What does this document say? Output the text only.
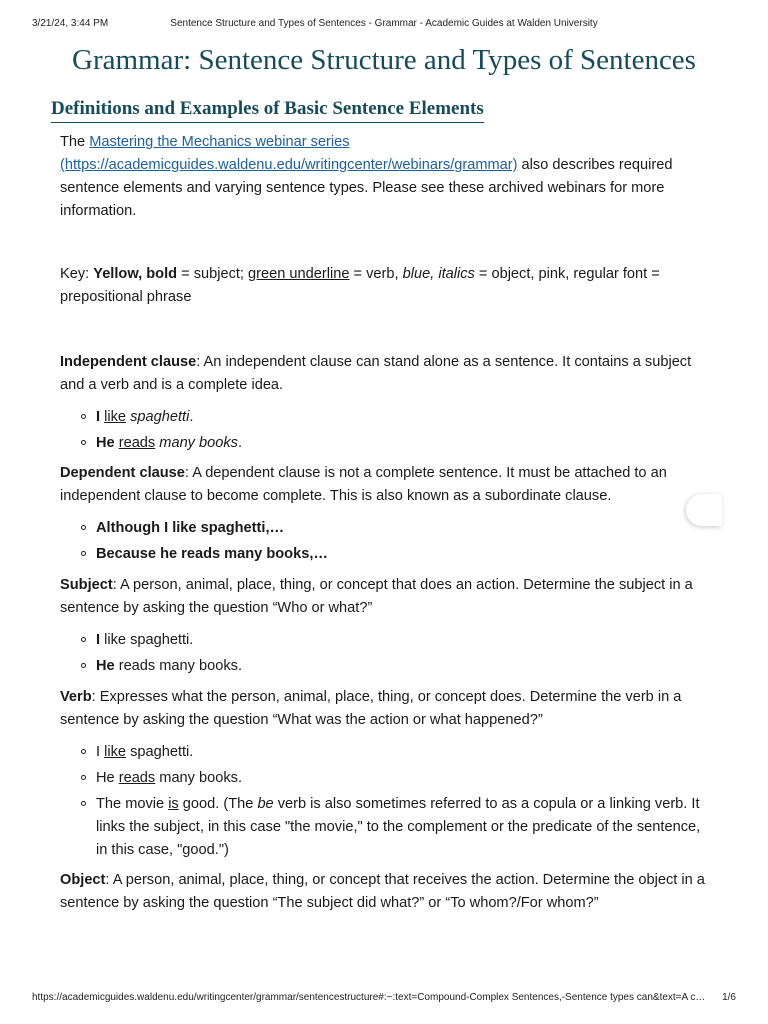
3/21/24, 3:44 PM	Sentence Structure and Types of Sentences - Grammar - Academic Guides at Walden University
Grammar: Sentence Structure and Types of Sentences
Definitions and Examples of Basic Sentence Elements

The Mastering the Mechanics webinar series
(https://academicguides.waldenu.edu/writingcenter/webinars/grammar) also describes required sentence elements and varying sentence types. Please see these archived webinars for more information.

Key: Yellow, bold = subject; green underline = verb, blue, italics = object, pink, regular font = prepositional phrase

Independent clause: An independent clause can stand alone as a sentence. It contains a subject and a verb and is a complete idea.

I like spaghetti.
He reads many books.

Dependent clause: A dependent clause is not a complete sentence. It must be attached to an independent clause to become complete. This is also known as a subordinate clause.

Although I like spaghetti,…
Because he reads many books,…

Subject: A person, animal, place, thing, or concept that does an action. Determine the subject in a sentence by asking the question “Who or what?”

I like spaghetti.
He reads many books.

Verb: Expresses what the person, animal, place, thing, or concept does. Determine the verb in a sentence by asking the question “What was the action or what happened?”

I like spaghetti.
He reads many books.
The movie is good. (The be verb is also sometimes referred to as a copula or a linking verb. It links the subject, in this case "the movie," to the complement or the predicate of the sentence, in this case, "good.")

Object: A person, animal, place, thing, or concept that receives the action. Determine the object in a sentence by asking the question “The subject did what?” or “To whom?/For whom?”

https://academicguides.waldenu.edu/writingcenter/grammar/sentencestructure#:~:text=Compound-Complex Sentences,-Sentence types can&text=A c…	1/6
